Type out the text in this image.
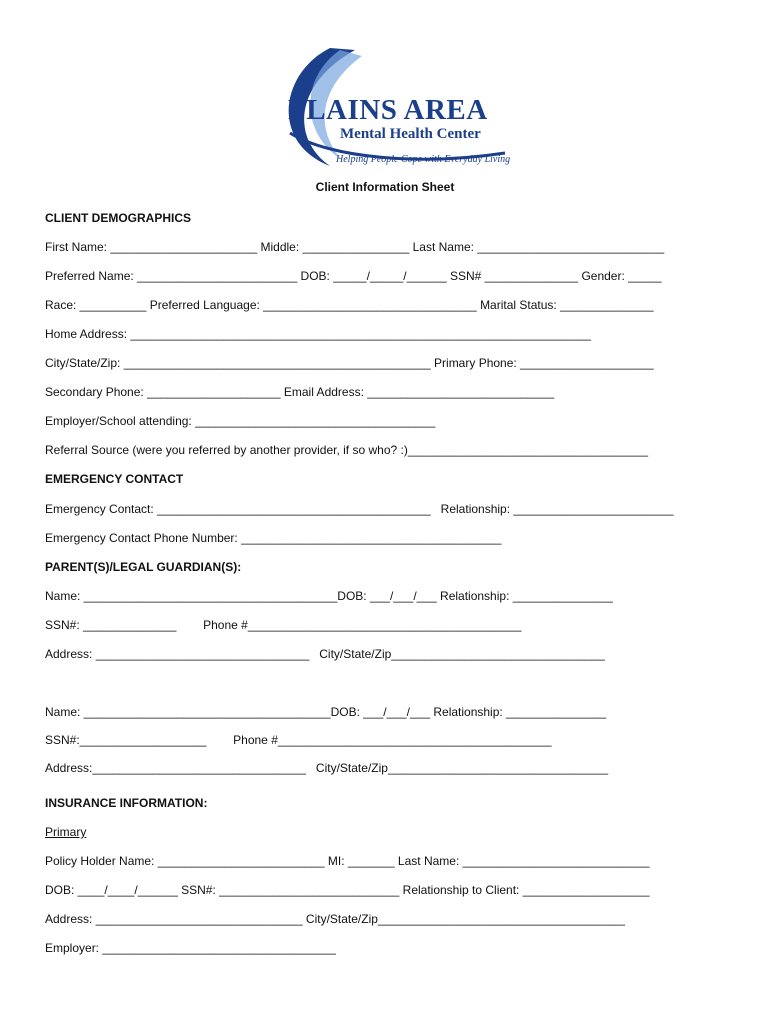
PLAINS AREA
Mental Health Center
Helping People Cope with Everyday Living
Client Information Sheet
CLIENT DEMOGRAPHICS
First Name: ______________________ Middle: ________________ Last Name: ____________________________
Preferred Name: ________________________ DOB: _____/_____/______ SSN# ______________ Gender: _____
Race: __________ Preferred Language: ________________________________ Marital Status: ______________
Home Address: _____________________________________________________________________
City/State/Zip: ______________________________________________ Primary Phone: ____________________
Secondary Phone: ____________________ Email Address: ____________________________
Employer/School attending: ____________________________________
Referral Source (were you referred by another provider, if so who? :)____________________________________
EMERGENCY CONTACT
Emergency Contact: _________________________________________   Relationship: ________________________
Emergency Contact Phone Number: _______________________________________
PARENT(S)/LEGAL GUARDIAN(S):
Name: ______________________________________DOB: ___/___/___ Relationship: _______________
SSN#: ______________        Phone #_________________________________________
Address: ________________________________   City/State/Zip________________________________
Name: _____________________________________DOB: ___/___/___ Relationship: _______________
SSN#:___________________        Phone #_________________________________________
Address:________________________________   City/State/Zip_________________________________
INSURANCE INFORMATION:
Primary
Policy Holder Name: _________________________ MI: _______ Last Name: ____________________________
DOB: ____/____/______ SSN#: ___________________________ Relationship to Client: ___________________
Address: _______________________________ City/State/Zip_____________________________________
Employer: ___________________________________
